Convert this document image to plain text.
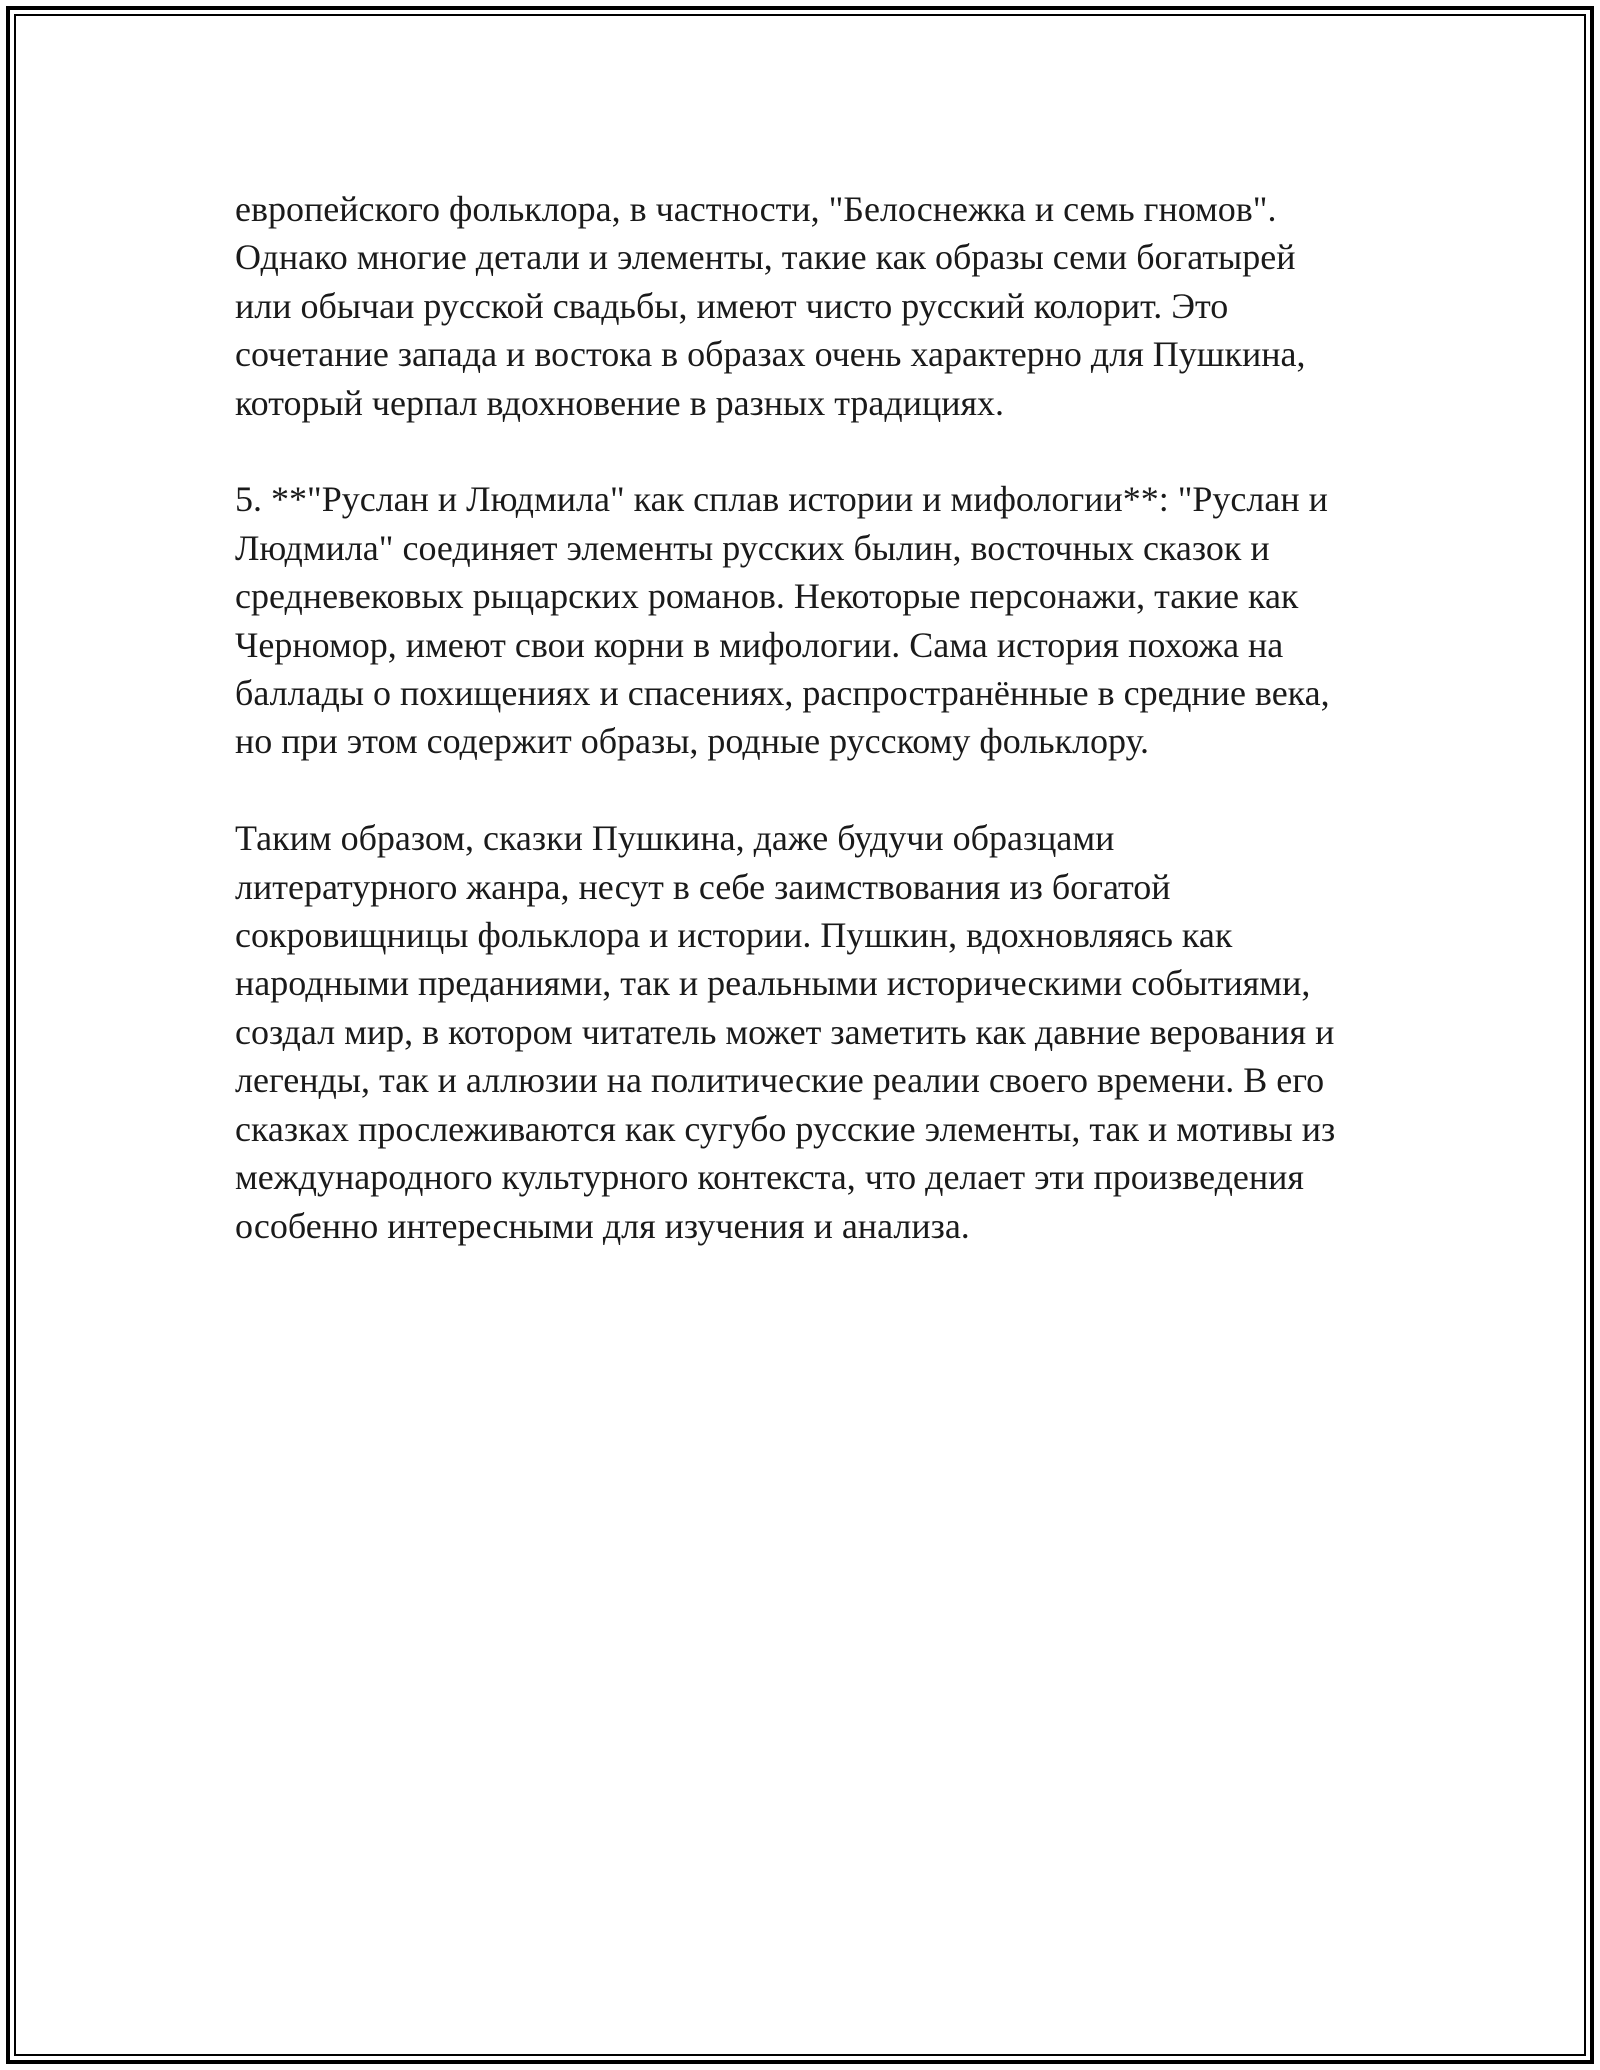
европейского фольклора, в частности, "Белоснежка и семь гномов".
Однако многие детали и элементы, такие как образы семи богатырей
или обычаи русской свадьбы, имеют чисто русский колорит. Это
сочетание запада и востока в образах очень характерно для Пушкина,
который черпал вдохновение в разных традициях.

5. **"Руслан и Людмила" как сплав истории и мифологии**: "Руслан и
Людмила" соединяет элементы русских былин, восточных сказок и
средневековых рыцарских романов. Некоторые персонажи, такие как
Черномор, имеют свои корни в мифологии. Сама история похожа на
баллады о похищениях и спасениях, распространённые в средние века,
но при этом содержит образы, родные русскому фольклору.

Таким образом, сказки Пушкина, даже будучи образцами
литературного жанра, несут в себе заимствования из богатой
сокровищницы фольклора и истории. Пушкин, вдохновляясь как
народными преданиями, так и реальными историческими событиями,
создал мир, в котором читатель может заметить как давние верования и
легенды, так и аллюзии на политические реалии своего времени. В его
сказках прослеживаются как сугубо русские элементы, так и мотивы из
международного культурного контекста, что делает эти произведения
особенно интересными для изучения и анализа.
